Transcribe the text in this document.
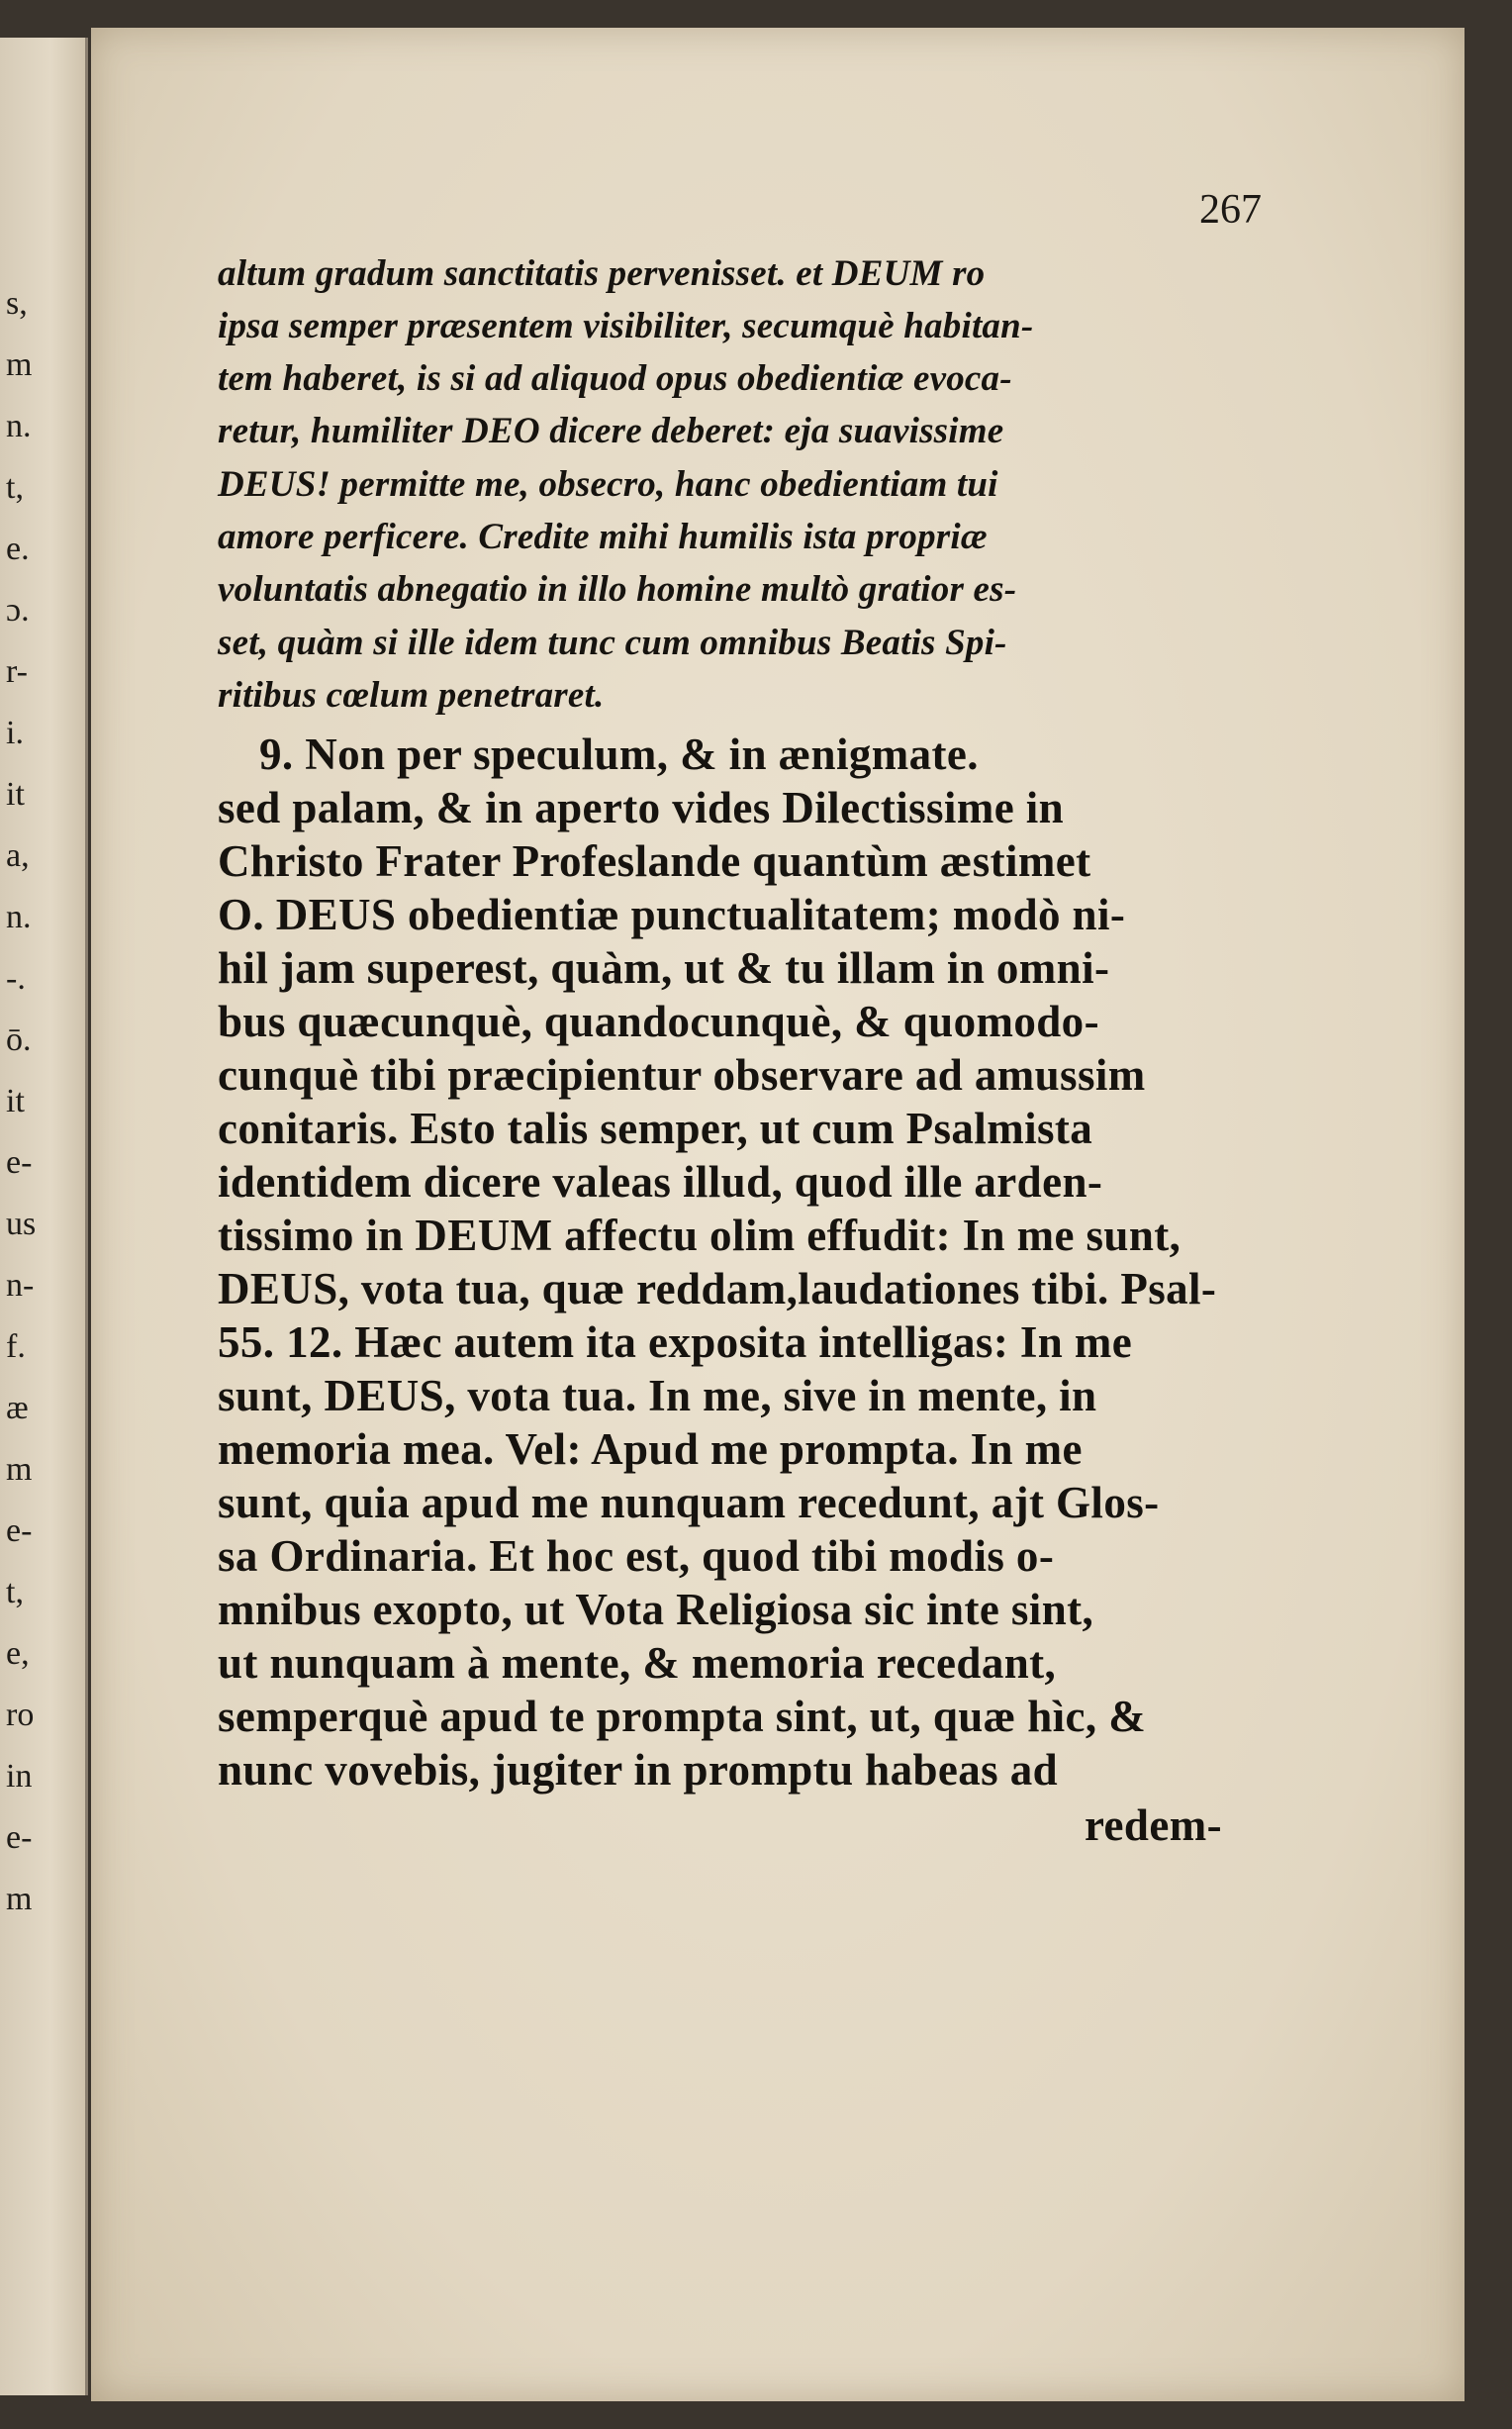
s,
m
n.
t,
e.
ɔ.
r-
i.
it
a,
n.
‑.
ō.
it
e-
us
n-
f.
æ
m
e-
t,
e,
ro
in
e-
m
267
altum gradum sanctitatis pervenisset. et DEUM ro
ipsa semper præsentem visibiliter, secumquè habitan-
tem haberet, is si ad aliquod opus obedientiæ evoca-
retur, humiliter DEO dicere deberet: eja suavissime
DEUS! permitte me, obsecro, hanc obedientiam tui
amore perficere. Credite mihi humilis ista propriæ
voluntatis abnegatio in illo homine multò gratior es-
set, quàm si ille idem tunc cum omnibus Beatis Spi-
ritibus cœlum penetraret.
9. Non per speculum, & in ænigmate.
sed palam, & in aperto vides Dilectissime in
Christo Frater Profeslande quantùm æstimet
O. DEUS obedientiæ punctualitatem; modò ni-
hil jam superest, quàm, ut & tu illam in omni-
bus quæcunquè, quandocunquè, & quomodo-
cunquè tibi præcipientur observare ad amussim
conitaris. Esto talis semper, ut cum Psalmista
identidem dicere valeas illud, quod ille arden-
tissimo in DEUM affectu olim effudit: In me sunt,
DEUS, vota tua, quæ reddam,laudationes tibi. Psal-
55. 12. Hæc autem ita exposita intelligas: In me
sunt, DEUS, vota tua. In me, sive in mente, in
memoria mea. Vel: Apud me prompta. In me
sunt, quia apud me nunquam recedunt, ajt Glos-
sa Ordinaria. Et hoc est, quod tibi modis o-
mnibus exopto, ut Vota Religiosa sic inte sint,
ut nunquam à mente, & memoria recedant,
semperquè apud te prompta sint, ut, quæ hìc, &
nunc vovebis, jugiter in promptu habeas ad
redem-
